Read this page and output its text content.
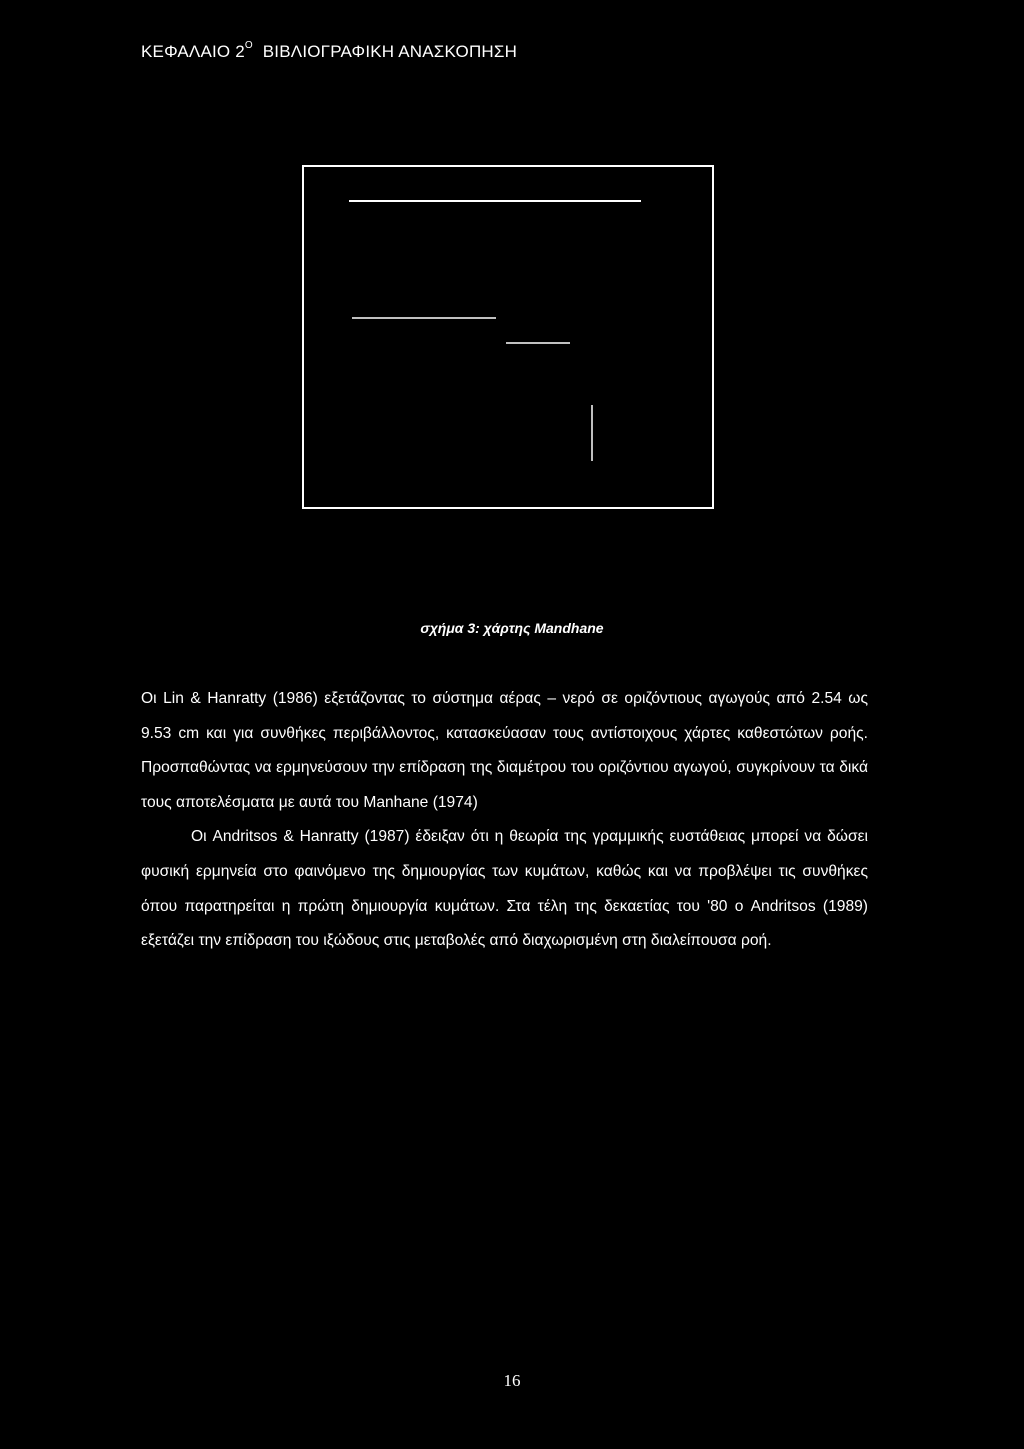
ΚΕΦΑΛΑΙΟ $2^O$ ΒΙΒΛΙΟΓΡΑΦΙΚΗ ΑΝΑΣΚΟΠΗΣΗ
σχήμα 3: χάρτης Mandhane

Οι Lin & Hanratty (1986) εξετάζοντας το σύστημα αέρας – νερό σε οριζόντιους αγωγούς από 2.54 ως 9.53 cm και για συνθήκες περιβάλλοντος, κατασκεύασαν τους αντίστοιχους χάρτες καθεστώτων ροής. Προσπαθώντας να ερμηνεύσουν την επίδραση της διαμέτρου του οριζόντιου αγωγού, συγκρίνουν τα δικά τους αποτελέσματα με αυτά του Manhane (1974)

Οι Andritsos & Hanratty (1987) έδειξαν ότι η θεωρία της γραμμικής ευστάθειας μπορεί να δώσει φυσική ερμηνεία στο φαινόμενο της δημιουργίας των κυμάτων, καθώς και να προβλέψει τις συνθήκες όπου παρατηρείται η πρώτη δημιουργία κυμάτων. Στα τέλη της δεκαετίας του '80 ο Andritsos (1989) εξετάζει την επίδραση του ιξώδους στις μεταβολές από διαχωρισμένη στη διαλείπουσα ροή.

16
